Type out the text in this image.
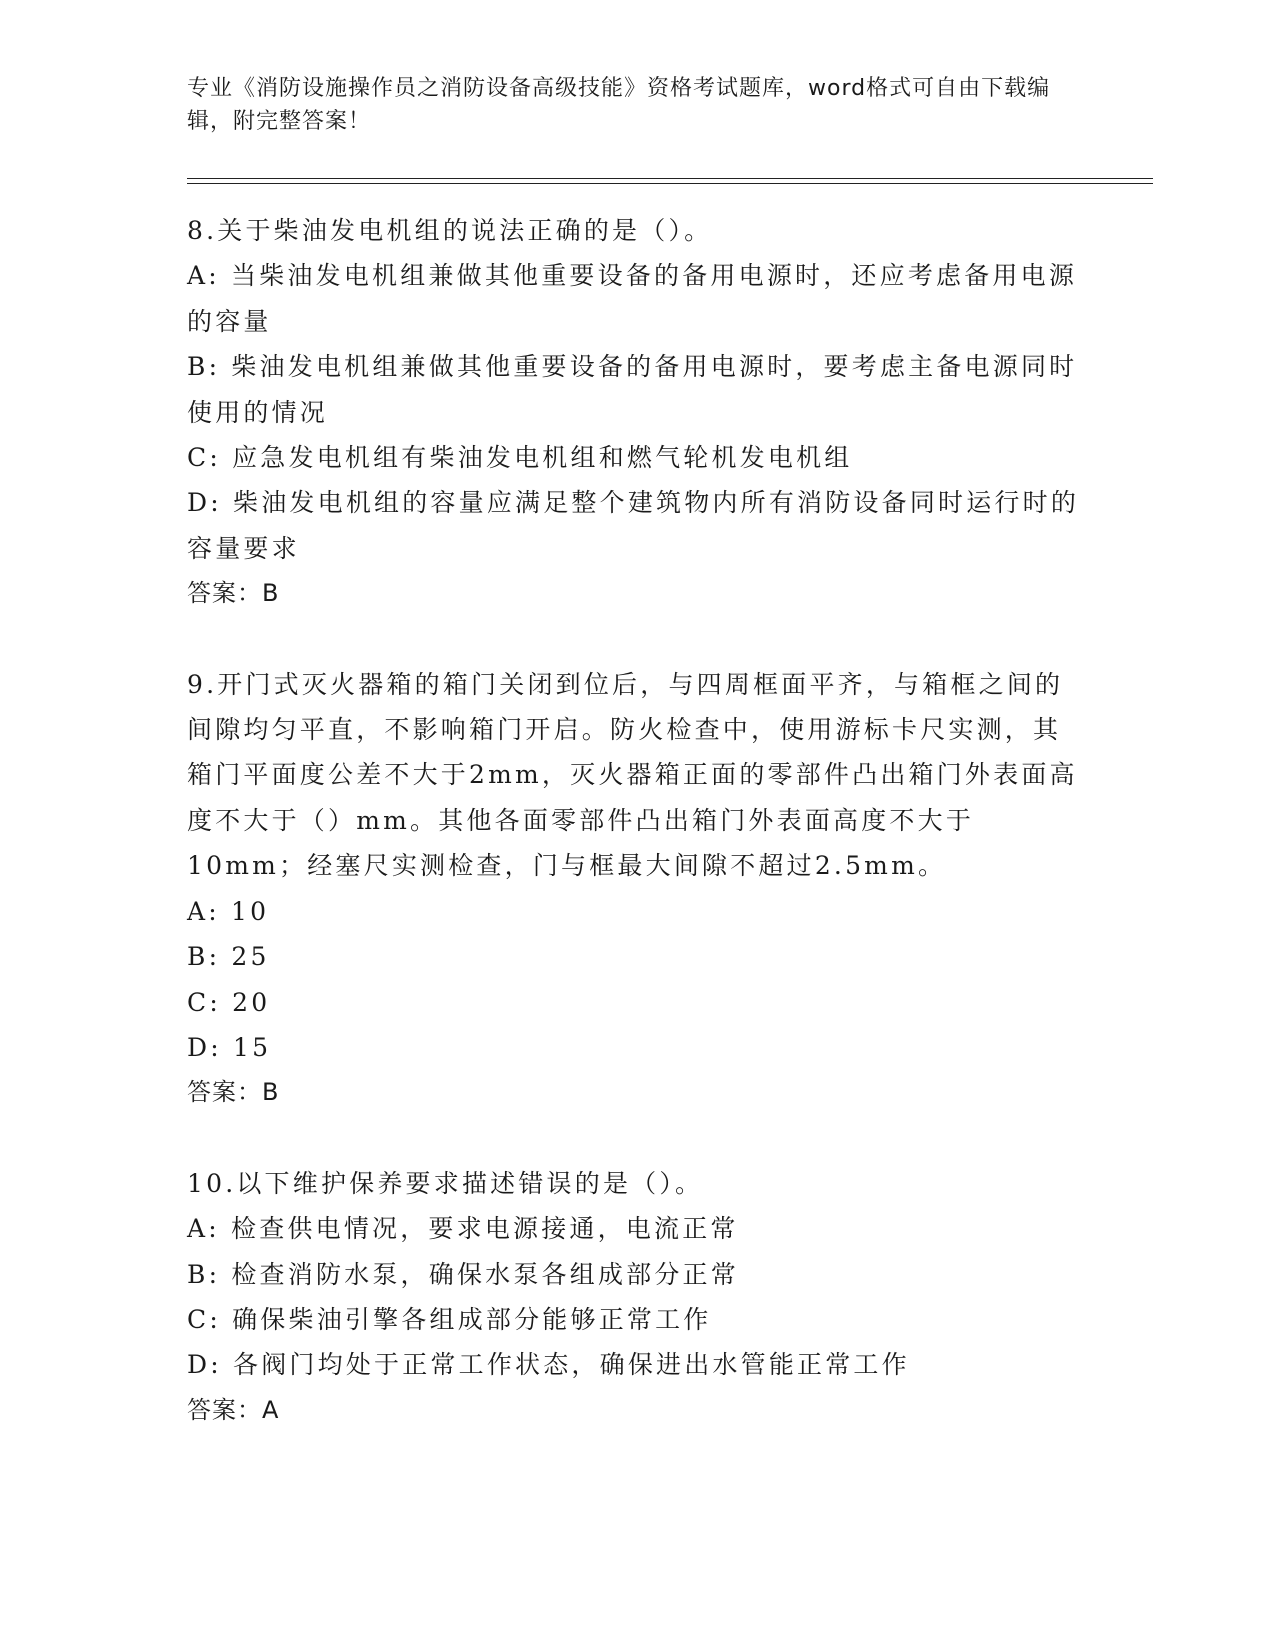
专业《消防设施操作员之消防设备高级技能》资格考试题库，word格式可自由下载编辑，附完整答案！
8.关于柴油发电机组的说法正确的是（）。
A: 当柴油发电机组兼做其他重要设备的备用电源时，还应考虑备用电源的容量
B: 柴油发电机组兼做其他重要设备的备用电源时，要考虑主备电源同时使用的情况
C: 应急发电机组有柴油发电机组和燃气轮机发电机组
D: 柴油发电机组的容量应满足整个建筑物内所有消防设备同时运行时的容量要求
答案：B
9.开门式灭火器箱的箱门关闭到位后，与四周框面平齐，与箱框之间的间隙均匀平直，不影响箱门开启。防火检查中，使用游标卡尺实测，其箱门平面度公差不大于2mm，灭火器箱正面的零部件凸出箱门外表面高度不大于（）mm。其他各面零部件凸出箱门外表面高度不大于10mm；经塞尺实测检查，门与框最大间隙不超过2.5mm。
A: 10
B: 25
C: 20
D: 15
答案：B
10.以下维护保养要求描述错误的是（）。
A: 检查供电情况，要求电源接通，电流正常
B: 检查消防水泵，确保水泵各组成部分正常
C: 确保柴油引擎各组成部分能够正常工作
D: 各阀门均处于正常工作状态，确保进出水管能正常工作
答案：A
